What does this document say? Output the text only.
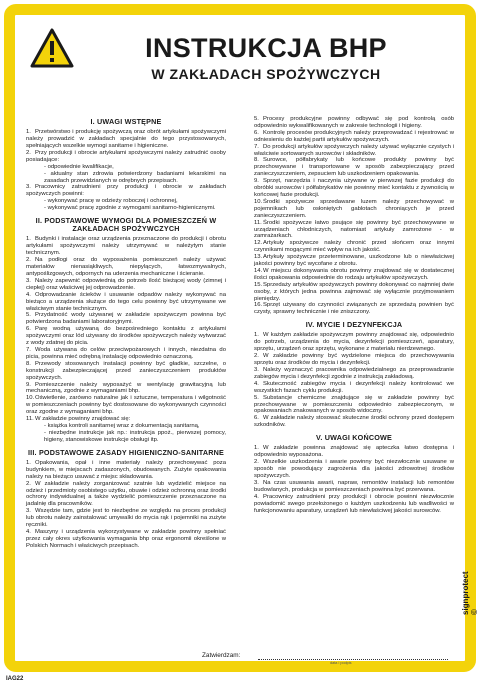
INSTRUKCJA BHP
W ZAKŁADACH SPOŻYWCZYCH
I. UWAGI WSTĘPNE
1. Przetwórstwo i produkcję spożywczą oraz obrót artykułami spożywczymi należy prowadzić w zakładach specjalnie do tego przystosowanych, spełniających wszelkie wymogi sanitarne i higieniczne.
2. Przy produkcji i obrocie artykułami spożywczymi należy zatrudnić osoby posiadające:
- odpowiednie kwalifikacje,
- aktualny stan zdrowia potwierdzony badaniami lekarskimi na zasadach przewidzianych w odrębnych przepisach.
3. Pracownicy zatrudnieni przy produkcji i obrocie w zakładach spożywczych powinni:
- wykonywać pracę w odzieży roboczej i ochronnej,
- wykonywać pracę zgodnie z wymogami sanitarno-higienicznymi.
II. PODSTAWOWE WYMOGI DLA POMIESZCZEŃ W ZAKŁADACH SPOŻYWCZYCH
1. Budynki i instalacje oraz urządzenia przeznaczone do produkcji i obrotu artykułami spożywczymi należy utrzymywać w należytym stanie technicznym.
2. Na podłogi oraz do wyposażenia pomieszczeń należy używać materiałów nienasiąkliwych, niepylących, łatwozmywalnych, antypoślizgowych, odpornych na uderzenia mechaniczne i ścieranie.
3. Należy zapewnić odpowiednią do potrzeb ilość bieżącej wody (zimnej i ciepłej) oraz właściwej jej odprowadzenie.
4. Odprowadzanie ścieków i usuwanie odpadów należy wykonywać na bieżąco a urządzenia służące do tego celu powinny być utrzymywane we właściwym stanie technicznym.
5. Przydatność wody używanej w zakładzie spożywczym powinna być potwierdzona badaniami laboratoryjnymi.
6. Parę wodną używaną do bezpośredniego kontaktu z artykułami spożywczymi oraz lód używany do środków spożywczych należy wytwarzać z wody zdatnej do picia.
7. Woda używana do celów przeciwpożarowych i innych, niezdatna do picia, powinna mieć odrębną instalację odpowiednio oznaczoną.
8. Przewody stosowanych instalacji powinny być gładkie, szczelne, o konstrukcji zabezpieczającej przed zanieczyszczeniem produktów spożywczych.
9. Pomieszczenie należy wyposażyć w wentylację grawitacyjną lub mechaniczną, zgodnie z wymaganiami bhp.
10.Oświetlenie, zarówno naturalne jak i sztuczne, temperatura i wilgotność w pomieszczeniach powinny być dostosowane do wykonywanych czynności oraz zgodne z wymaganiami bhp.
11.W zakładzie powinny znajdować się:
- książka kontroli sanitarnej wraz z dokumentacją sanitarną,
- niezbędne instrukcje jak np.: instrukcja ppoż., pierwszej pomocy, higieny, stanowiskowe instrukcje obsługi itp.
III. PODSTAWOWE ZASADY HIGIENICZNO-SANITARNE
1. Opakowania, opał i inne materiały należy przechowywać poza budynkiem, w miejscach zadaszonych, obudowanych. Zużyte opakowania należy na bieżąco usuwać z miejsc składowania.
2. W zakładzie należy zorganizować szatnie lub wydzielić miejsce na odzież i przedmioty osobistego użytku, obuwie i odzież ochronną oraz środki ochrony indywidualnej a także wydzielić pomieszczenie przeznaczone na jadalnię dla pracowników.
3. Wszędzie tam, gdzie jest to niezbędne ze względu na proces produkcji lub obrotu należy zainstalować umywalki do mycia rąk i pojemniki na zużyte ręczniki.
4. Maszyny i urządzenia wykorzystywane w zakładzie powinny spełniać przez cały okres użytkowania wymagania bhp oraz ergonomii określone w Polskich Normach i właściwych przepisach.
5. Procesy produkcyjne powinny odbywać się pod kontrolą osób odpowiednio wykwalifikowanych w zakresie technologii i higieny.
6. Kontrolę procesów produkcyjnych należy przeprowadzać i rejestrować w odniesieniu do każdej partii artykułów spożywczych.
7. Do produkcji artykułów spożywczych należy używać wyłącznie czystych i właściwie sortowanych surowców i składników.
8. Surowce, półfabrykaty lub końcowe produkty powinny być przechowywane i transportowane w sposób zabezpieczający przed zanieczyszczeniem, zepsuciem lub uszkodzeniem opakowania.
9. Sprzęt, narzędzia i naczynia używane w pierwszej fazie produkcji do obróbki surowców i półfabrykatów nie powinny mieć kontaktu z żywnością w końcowej fazie produkcji.
10.Środki spożywcze sprzedawane luzem należy przechowywać w pojemnikach lub osłoniętych gablotach chroniących je przed zanieczyszczeniem.
11.Środki spożywcze łatwo psujące się powinny być przechowywane w urządzeniach chłodniczych, natomiast artykuły zamrożone - w zamrażarkach.
12.Artykuły spożywcze należy chronić przed słońcem oraz innymi czynnikami mogącymi mieć wpływ na ich jakość.
13.Artykuły spożywcze przeterminowane, uszkodzone lub o niewłaściwej jakości powinny być wycofane z obrotu.
14.W miejscu dokonywania obrotu powinny znajdować się w dostatecznej ilości opakowania odpowiednie do rodzaju artykułów spożywczych.
15.Sprzedaży artykułów spożywczych powinny dokonywać co najmniej dwie osoby, z których jedna powinna zajmować się wyłącznie przyjmowaniem pieniędzy.
16.Sprzęt używany do czynności związanych ze sprzedażą powinien być czysty, sprawny technicznie i nie zniszczony.
IV. MYCIE I DEZYNFEKCJA
1. W każdym zakładzie spożywczym powinny znajdować się, odpowiednio do potrzeb, urządzenia do mycia, dezynfekcji pomieszczeń, aparatury, sprzętu, urządzeń oraz sprzętu, wykonane z materiału nierdzewnego.
2. W zakładzie powinny być wydzielone miejsca do przechowywania sprzętu oraz środków do mycia i dezynfekcji.
3. Należy wyznaczyć pracownika odpowiedzialnego za przeprowadzanie zabiegów mycia i dezynfekcji zgodnie z instrukcją zakładową.
4. Skuteczność zabiegów mycia i dezynfekcji należy kontrolować we wszystkich fazach cyklu produkcji.
5. Substancje chemiczne znajdujące się w zakładzie powinny być przechowywane w pomieszczeniu odpowiednio zabezpieczonym, w opakowaniach znakowanych w sposób widoczny.
6. W zakładzie należy stosować skuteczne środki ochrony przed dostępem szkodników.
V. UWAGI KOŃCOWE
1. W zakładzie powinna znajdować się apteczka łatwo dostępna i odpowiednio wyposażona.
2. Wszelkie uszkodzenia i awarie powinny być niezwłocznie usuwane w sposób nie powodujący zagrożenia dla jakości zdrowotnej środków spożywczych.
3. Na czas usuwania awarii, napraw, remontów instalacji lub remontów budowlanych, produkcja w pomieszczeniach powinna być przerwana.
4. Pracownicy zatrudnieni przy produkcji i obrocie powinni niezwłocznie powiadomić swego przełożonego o każdym uszkodzeniu lub wadliwości w funkcjonowaniu aparatury, urządzeń lub niewłaściwej jakości surowców.
Zatwierdzam:
data i podpis
IAG22
signprotect ©
